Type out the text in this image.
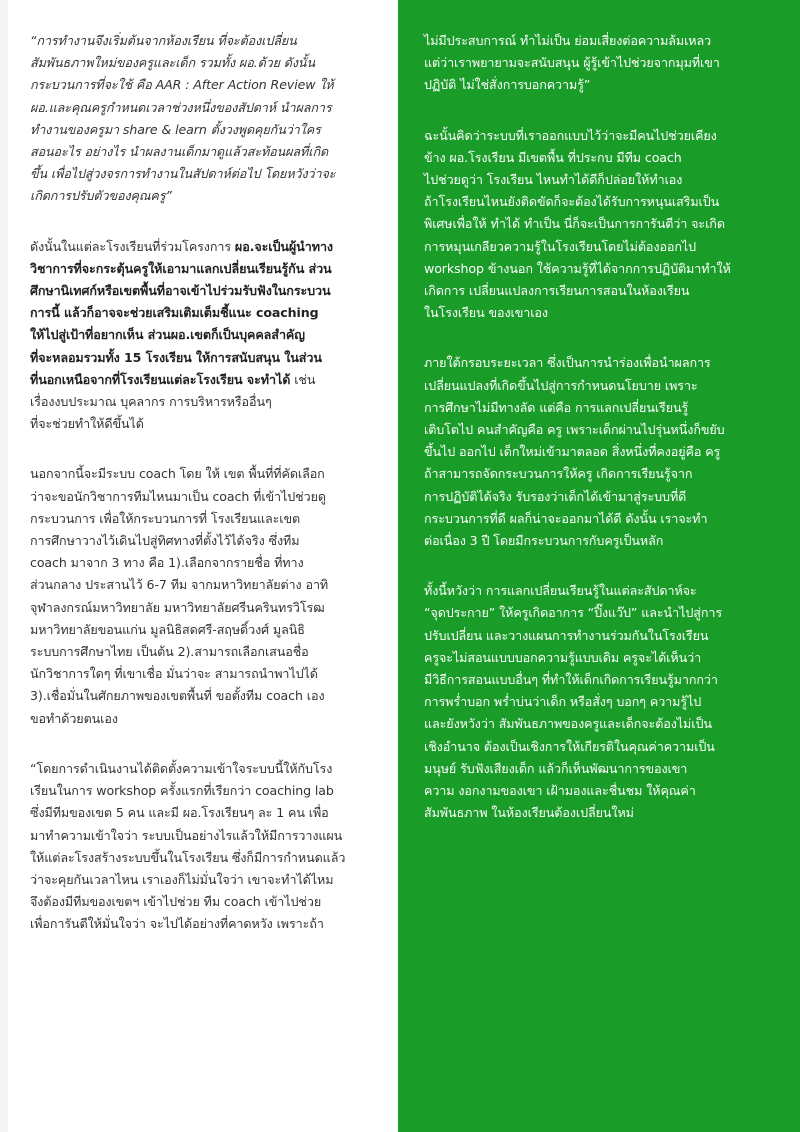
“การทำงานจึงเริ่มต้นจากห้องเรียน ที่จะต้องเปลี่ยน
สัมพันธภาพใหม่ของครูและเด็ก รวมทั้ง ผอ.ด้วย ดังนั้น
กระบวนการที่จะใช้ คือ AAR : After Action Review ให้
ผอ.และคุณครูกำหนดเวลาช่วงหนึ่งของสัปดาห์ นำผลการ
ทำงานของครูมา share & learn ตั้งวงพูดคุยกันว่าใคร
สอนอะไร อย่างไร นำผลงานเด็กมาดูแล้วสะท้อนผลที่เกิด
ขึ้น เพื่อไปสู่วงจรการทำงานในสัปดาห์ต่อไป โดยหวังว่าจะ
เกิดการปรับตัวของคุณครู”

ดังนั้นในแต่ละโรงเรียนที่ร่วมโครงการ ผอ.จะเป็นผู้นำทาง
วิชาการที่จะกระตุ้นครูให้เอามาแลกเปลี่ยนเรียนรู้กัน ส่วน
ศึกษานิเทศก์หรือเขตพื้นที่อาจเข้าไปร่วมรับฟังในกระบวน
การนี้ แล้วก็อาจจะช่วยเสริมเติมเต็มชี้แนะ coaching
ให้ไปสู่เป้าที่อยากเห็น ส่วนผอ.เขตก็เป็นบุคคลสำคัญ
ที่จะหลอมรวมทั้ง 15 โรงเรียน ให้การสนับสนุน ในส่วน
ที่นอกเหนือจากที่โรงเรียนแต่ละโรงเรียน จะทำได้ เช่น
เรื่องงบประมาณ บุคลากร การบริหารหรืออื่นๆ
ที่จะช่วยทำให้ดีขึ้นได้

นอกจากนี้จะมีระบบ coach โดย ให้ เขต พื้นที่ที่คัดเลือก
ว่าจะขอนักวิชาการทีมไหนมาเป็น coach ที่เข้าไปช่วยดู
กระบวนการ เพื่อให้กระบวนการที่ โรงเรียนและเขต
การศึกษาวางไว้เดินไปสู่ทิศทางที่ตั้งไว้ได้จริง ซึ่งทีม
coach มาจาก 3 ทาง คือ 1).เลือกจากรายชื่อ ที่ทาง
ส่วนกลาง ประสานไว้ 6-7 ทีม จากมหาวิทยาลัยต่าง อาทิ
จุฬาลงกรณ์มหาวิทยาลัย มหาวิทยาลัยศรีนครินทรวิโรฒ
มหาวิทยาลัยขอนแก่น มูลนิธิสดศรี-สฤษดิ์วงศ์ มูลนิธิ
ระบบการศึกษาไทย เป็นต้น 2).สามารถเลือกเสนอชื่อ
นักวิชาการใดๆ ที่เขาเชื่อ มั่นว่าจะ สามารถนำพาไปได้
3).เชื่อมั่นในศักยภาพของเขตพื้นที่ ขอตั้งทีม coach เอง
ขอทำด้วยตนเอง

“โดยการดำเนินงานได้ติดตั้งความเข้าใจระบบนี้ให้กับโรง
เรียนในการ workshop ครั้งแรกที่เรียกว่า coaching lab
ซึ่งมีทีมของเขต 5 คน และมี ผอ.โรงเรียนๆ ละ 1 คน เพื่อ
มาทำความเข้าใจว่า ระบบเป็นอย่างไรแล้วให้มีการวางแผน
ให้แต่ละโรงสร้างระบบขึ้นในโรงเรียน ซึ่งก็มีการกำหนดแล้ว
ว่าจะคุยกันเวลาไหน เราเองก็ไม่มั่นใจว่า เขาจะทำได้ไหม
จึงต้องมีทีมของเขตฯ เข้าไปช่วย ทีม coach เข้าไปช่วย
เพื่อการันตีให้มั่นใจว่า จะไปได้อย่างที่คาดหวัง เพราะถ้า

ไม่มีประสบการณ์ ทำไม่เป็น ย่อมเสี่ยงต่อความล้มเหลว
แต่ว่าเราพยายามจะสนับสนุน ผู้รู้เข้าไปช่วยจากมุมที่เขา
ปฏิบัติ ไม่ใช่สั่งการบอกความรู้”

ฉะนั้นคิดว่าระบบที่เราออกแบบไว้ว่าจะมีคนไปช่วยเคียง
ข้าง ผอ.โรงเรียน มีเขตพื้น ที่ประกบ มีทีม coach
ไปช่วยดูว่า โรงเรียน ไหนทำได้ดีก็ปล่อยให้ทำเอง
ถ้าโรงเรียนไหนยังติดขัดก็จะต้องได้รับการหนุนเสริมเป็น
พิเศษเพื่อให้ ทำได้ ทำเป็น นี่ก็จะเป็นการการันตีว่า จะเกิด
การหมุนเกลียวความรู้ในโรงเรียนโดยไม่ต้องออกไป
workshop ข้างนอก ใช้ความรู้ที่ได้จากการปฏิบัติมาทำให้
เกิดการ เปลี่ยนแปลงการเรียนการสอนในห้องเรียน
ในโรงเรียน ของเขาเอง

ภายใต้กรอบระยะเวลา ซึ่งเป็นการนำร่องเพื่อนำผลการ
เปลี่ยนแปลงที่เกิดขึ้นไปสู่การกำหนดนโยบาย เพราะ
การศึกษาไม่มีทางลัด แต่คือ การแลกเปลี่ยนเรียนรู้
เติบโตไป คนสำคัญคือ ครู เพราะเด็กผ่านไปรุ่นหนึ่งก็ขยับ
ขึ้นไป ออกไป เด็กใหม่เข้ามาตลอด สิ่งหนึ่งที่คงอยู่คือ ครู
ถ้าสามารถจัดกระบวนการให้ครู เกิดการเรียนรู้จาก
การปฏิบัติได้จริง รับรองว่าเด็กได้เข้ามาสู่ระบบที่ดี
กระบวนการที่ดี ผลก็น่าจะออกมาได้ดี ดังนั้น เราจะทำ
ต่อเนื่อง 3 ปี โดยมีกระบวนการกับครูเป็นหลัก

ทั้งนี้หวังว่า การแลกเปลี่ยนเรียนรู้ในแต่ละสัปดาห์จะ
“จุดประกาย” ให้ครูเกิดอาการ “ปิ๊งแว๊ป” และนำไปสู่การ
ปรับเปลี่ยน และวางแผนการทำงานร่วมกันในโรงเรียน
ครูจะไม่สอนแบบบอกความรู้แบบเดิม ครูจะได้เห็นว่า
มีวิธีการสอนแบบอื่นๆ ที่ทำให้เด็กเกิดการเรียนรู้มากกว่า
การพร่ำบอก พร่ำบ่นว่าเด็ก หรือสั่งๆ บอกๆ ความรู้ไป
และยังหวังว่า สัมพันธภาพของครูและเด็กจะต้องไม่เป็น
เชิงอำนาจ ต้องเป็นเชิงการให้เกียรติในคุณค่าความเป็น
มนุษย์ รับฟังเสียงเด็ก แล้วก็เห็นพัฒนาการของเขา
ความ งอกงามของเขา เฝ้ามองและชื่นชม ให้คุณค่า
สัมพันธภาพ ในห้องเรียนต้องเปลี่ยนใหม่
